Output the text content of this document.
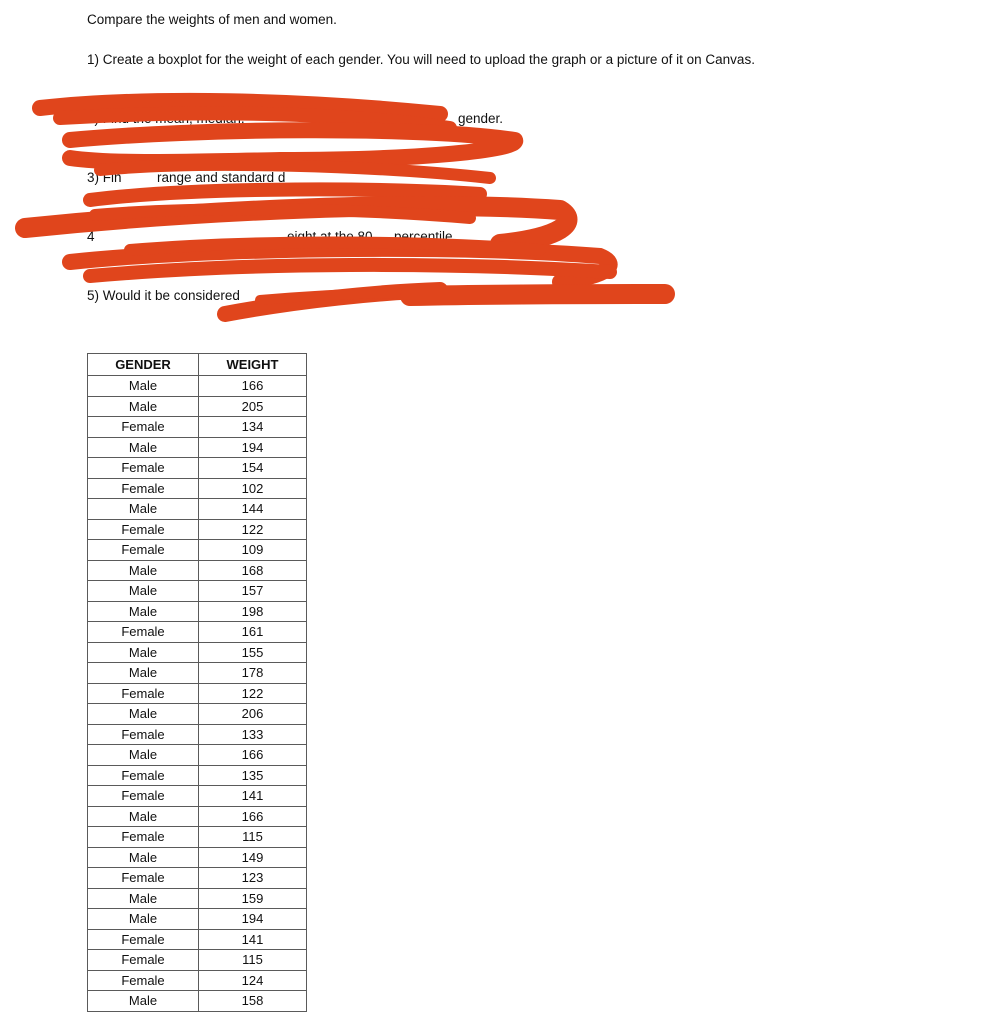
Compare the weights of men and women.
1) Create a boxplot for the weight of each gender. You will need to upload the graph or a picture of it on Canvas.
2) Find the mean, median,	midrange for	gender.
3) Fin	range and standard d
4	eight at the 80 percentile.
5) Would it be considered	.
GENDER	WEIGHT
Male	166
Male	205
Female	134
Male	194
Female	154
Female	102
Male	144
Female	122
Female	109
Male	168
Male	157
Male	198
Female	161
Male	155
Male	178
Female	122
Male	206
Female	133
Male	166
Female	135
Female	141
Male	166
Female	115
Male	149
Female	123
Male	159
Male	194
Female	141
Female	115
Female	124
Male	158
